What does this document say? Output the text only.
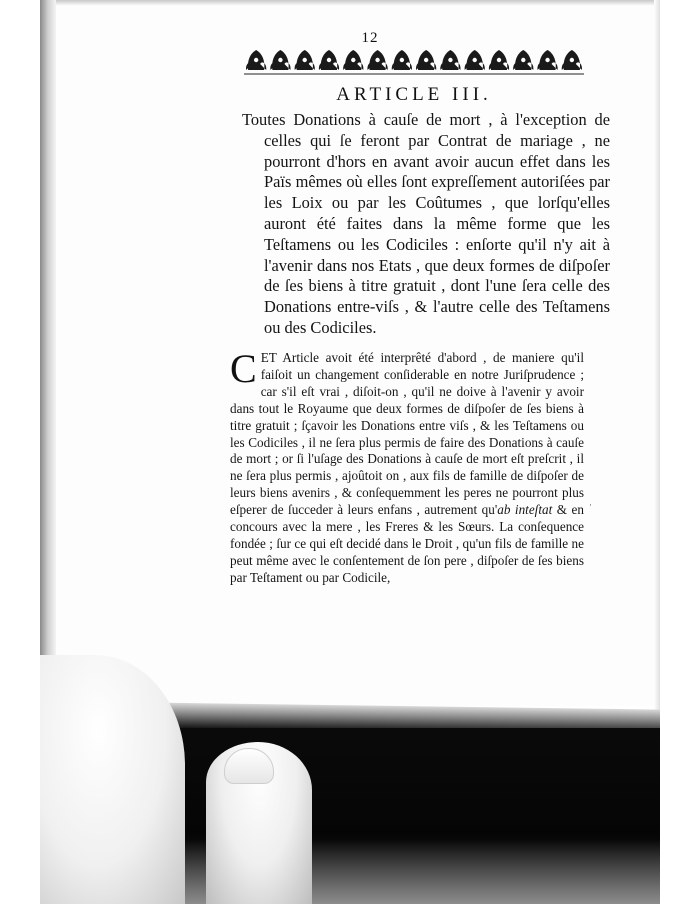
12
ARTICLE III.

Toutes Donations à cauſe de mort , à l'exception de celles qui ſe feront par Contrat de mariage , ne pourront d'hors en avant avoir aucun effet dans les Païs mêmes où elles ſont expreſſement autoriſées par les Loix ou par les Coûtumes , que lorſqu'elles auront été faites dans la même forme que les Teſtamens ou les Codiciles : enſorte qu'il n'y ait à l'avenir dans nos Etats , que deux formes de diſpoſer de ſes biens à titre gratuit , dont l'une ſera celle des Donations entre-viſs , & l'autre celle des Teſtamens ou des Codiciles.

CET Article avoit été interprêté d'abord , de maniere qu'il faiſoit un changement conſiderable en notre Juriſprudence ; car s'il eſt vrai , diſoit-on , qu'il ne doive à l'avenir y avoir dans tout le Royaume que deux formes de diſpoſer de ſes biens à titre gratuit ; ſçavoir les Donations entre viſs , & les Teſtamens ou les Codiciles , il ne ſera plus permis de faire des Donations à cauſe de mort ; or ſi l'uſage des Donations à cauſe de mort eſt preſcrit , il ne ſera plus permis , ajoûtoit on , aux fils de famille de diſpoſer de leurs biens avenirs , & conſequemment les peres ne pourront plus eſperer de ſucceder à leurs enfans , autrement qu'ab inteſtat & en concours avec la mere , les Freres & les Sœurs. La conſequence fondée ; ſur ce qui eſt decidé dans le Droit , qu'un fils de famille ne peut même avec le conſentement de ſon pere , diſpoſer de ſes biens par Teſtament ou par Codicile,

·
